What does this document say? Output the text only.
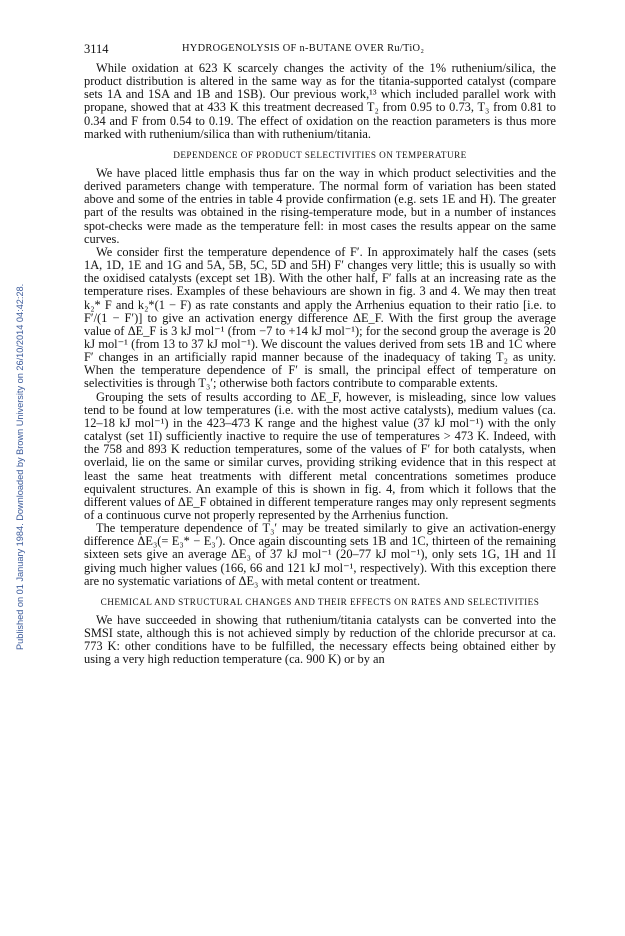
3114	HYDROGENOLYSIS OF n-BUTANE OVER Ru/TiO₂
Published on 01 January 1984. Downloaded by Brown University on 26/10/2014 04:42:28.

While oxidation at 623 K scarcely changes the activity of the 1% ruthenium/silica, the product distribution is altered in the same way as for the titania-supported catalyst (compare sets 1A and 1SA and 1B and 1SB). Our previous work,¹³ which included parallel work with propane, showed that at 433 K this treatment decreased T₂ from 0.95 to 0.73, T₃ from 0.81 to 0.34 and F from 0.54 to 0.19. The effect of oxidation on the reaction parameters is thus more marked with ruthenium/silica than with ruthenium/titania.

DEPENDENCE OF PRODUCT SELECTIVITIES ON TEMPERATURE

We have placed little emphasis thus far on the way in which product selectivities and the derived parameters change with temperature. The normal form of variation has been stated above and some of the entries in table 4 provide confirmation (e.g. sets 1E and H). The greater part of the results was obtained in the rising-temperature mode, but in a number of instances spot-checks were made as the temperature fell: in most cases the results appear on the same curves.

We consider first the temperature dependence of F′. In approximately half the cases (sets 1A, 1D, 1E and 1G and 5A, 5B, 5C, 5D and 5H) F′ changes very little; this is usually so with the oxidised catalysts (except set 1B). With the other half, F′ falls at an increasing rate as the temperature rises. Examples of these behaviours are shown in fig. 3 and 4. We may then treat k₂* F and k₂*(1 − F) as rate constants and apply the Arrhenius equation to their ratio [i.e. to F′/(1 − F′)] to give an activation energy difference ΔE_F. With the first group the average value of ΔE_F is 3 kJ mol⁻¹ (from −7 to +14 kJ mol⁻¹); for the second group the average is 20 kJ mol⁻¹ (from 13 to 37 kJ mol⁻¹). We discount the values derived from sets 1B and 1C where F′ changes in an artificially rapid manner because of the inadequacy of taking T₂ as unity. When the temperature dependence of F′ is small, the principal effect of temperature on selectivities is through T₃′; otherwise both factors contribute to comparable extents.

Grouping the sets of results according to ΔE_F, however, is misleading, since low values tend to be found at low temperatures (i.e. with the most active catalysts), medium values (ca. 12–18 kJ mol⁻¹) in the 423–473 K range and the highest value (37 kJ mol⁻¹) with the only catalyst (set 1I) sufficiently inactive to require the use of temperatures > 473 K. Indeed, with the 758 and 893 K reduction temperatures, some of the values of F′ for both catalysts, when overlaid, lie on the same or similar curves, providing striking evidence that in this respect at least the same heat treatments with different metal concentrations sometimes produce equivalent structures. An example of this is shown in fig. 4, from which it follows that the different values of ΔE_F obtained in different temperature ranges may only represent segments of a continuous curve not properly represented by the Arrhenius function.

The temperature dependence of T₃′ may be treated similarly to give an activation-energy difference ΔE₃(= E₃* − E₃′). Once again discounting sets 1B and 1C, thirteen of the remaining sixteen sets give an average ΔE₃ of 37 kJ mol⁻¹ (20–77 kJ mol⁻¹), only sets 1G, 1H and 1I giving much higher values (166, 66 and 121 kJ mol⁻¹, respectively). With this exception there are no systematic variations of ΔE₃ with metal content or treatment.

CHEMICAL AND STRUCTURAL CHANGES AND THEIR EFFECTS ON RATES AND SELECTIVITIES

We have succeeded in showing that ruthenium/titania catalysts can be converted into the SMSI state, although this is not achieved simply by reduction of the chloride precursor at ca. 773 K: other conditions have to be fulfilled, the necessary effects being obtained either by using a very high reduction temperature (ca. 900 K) or by an
